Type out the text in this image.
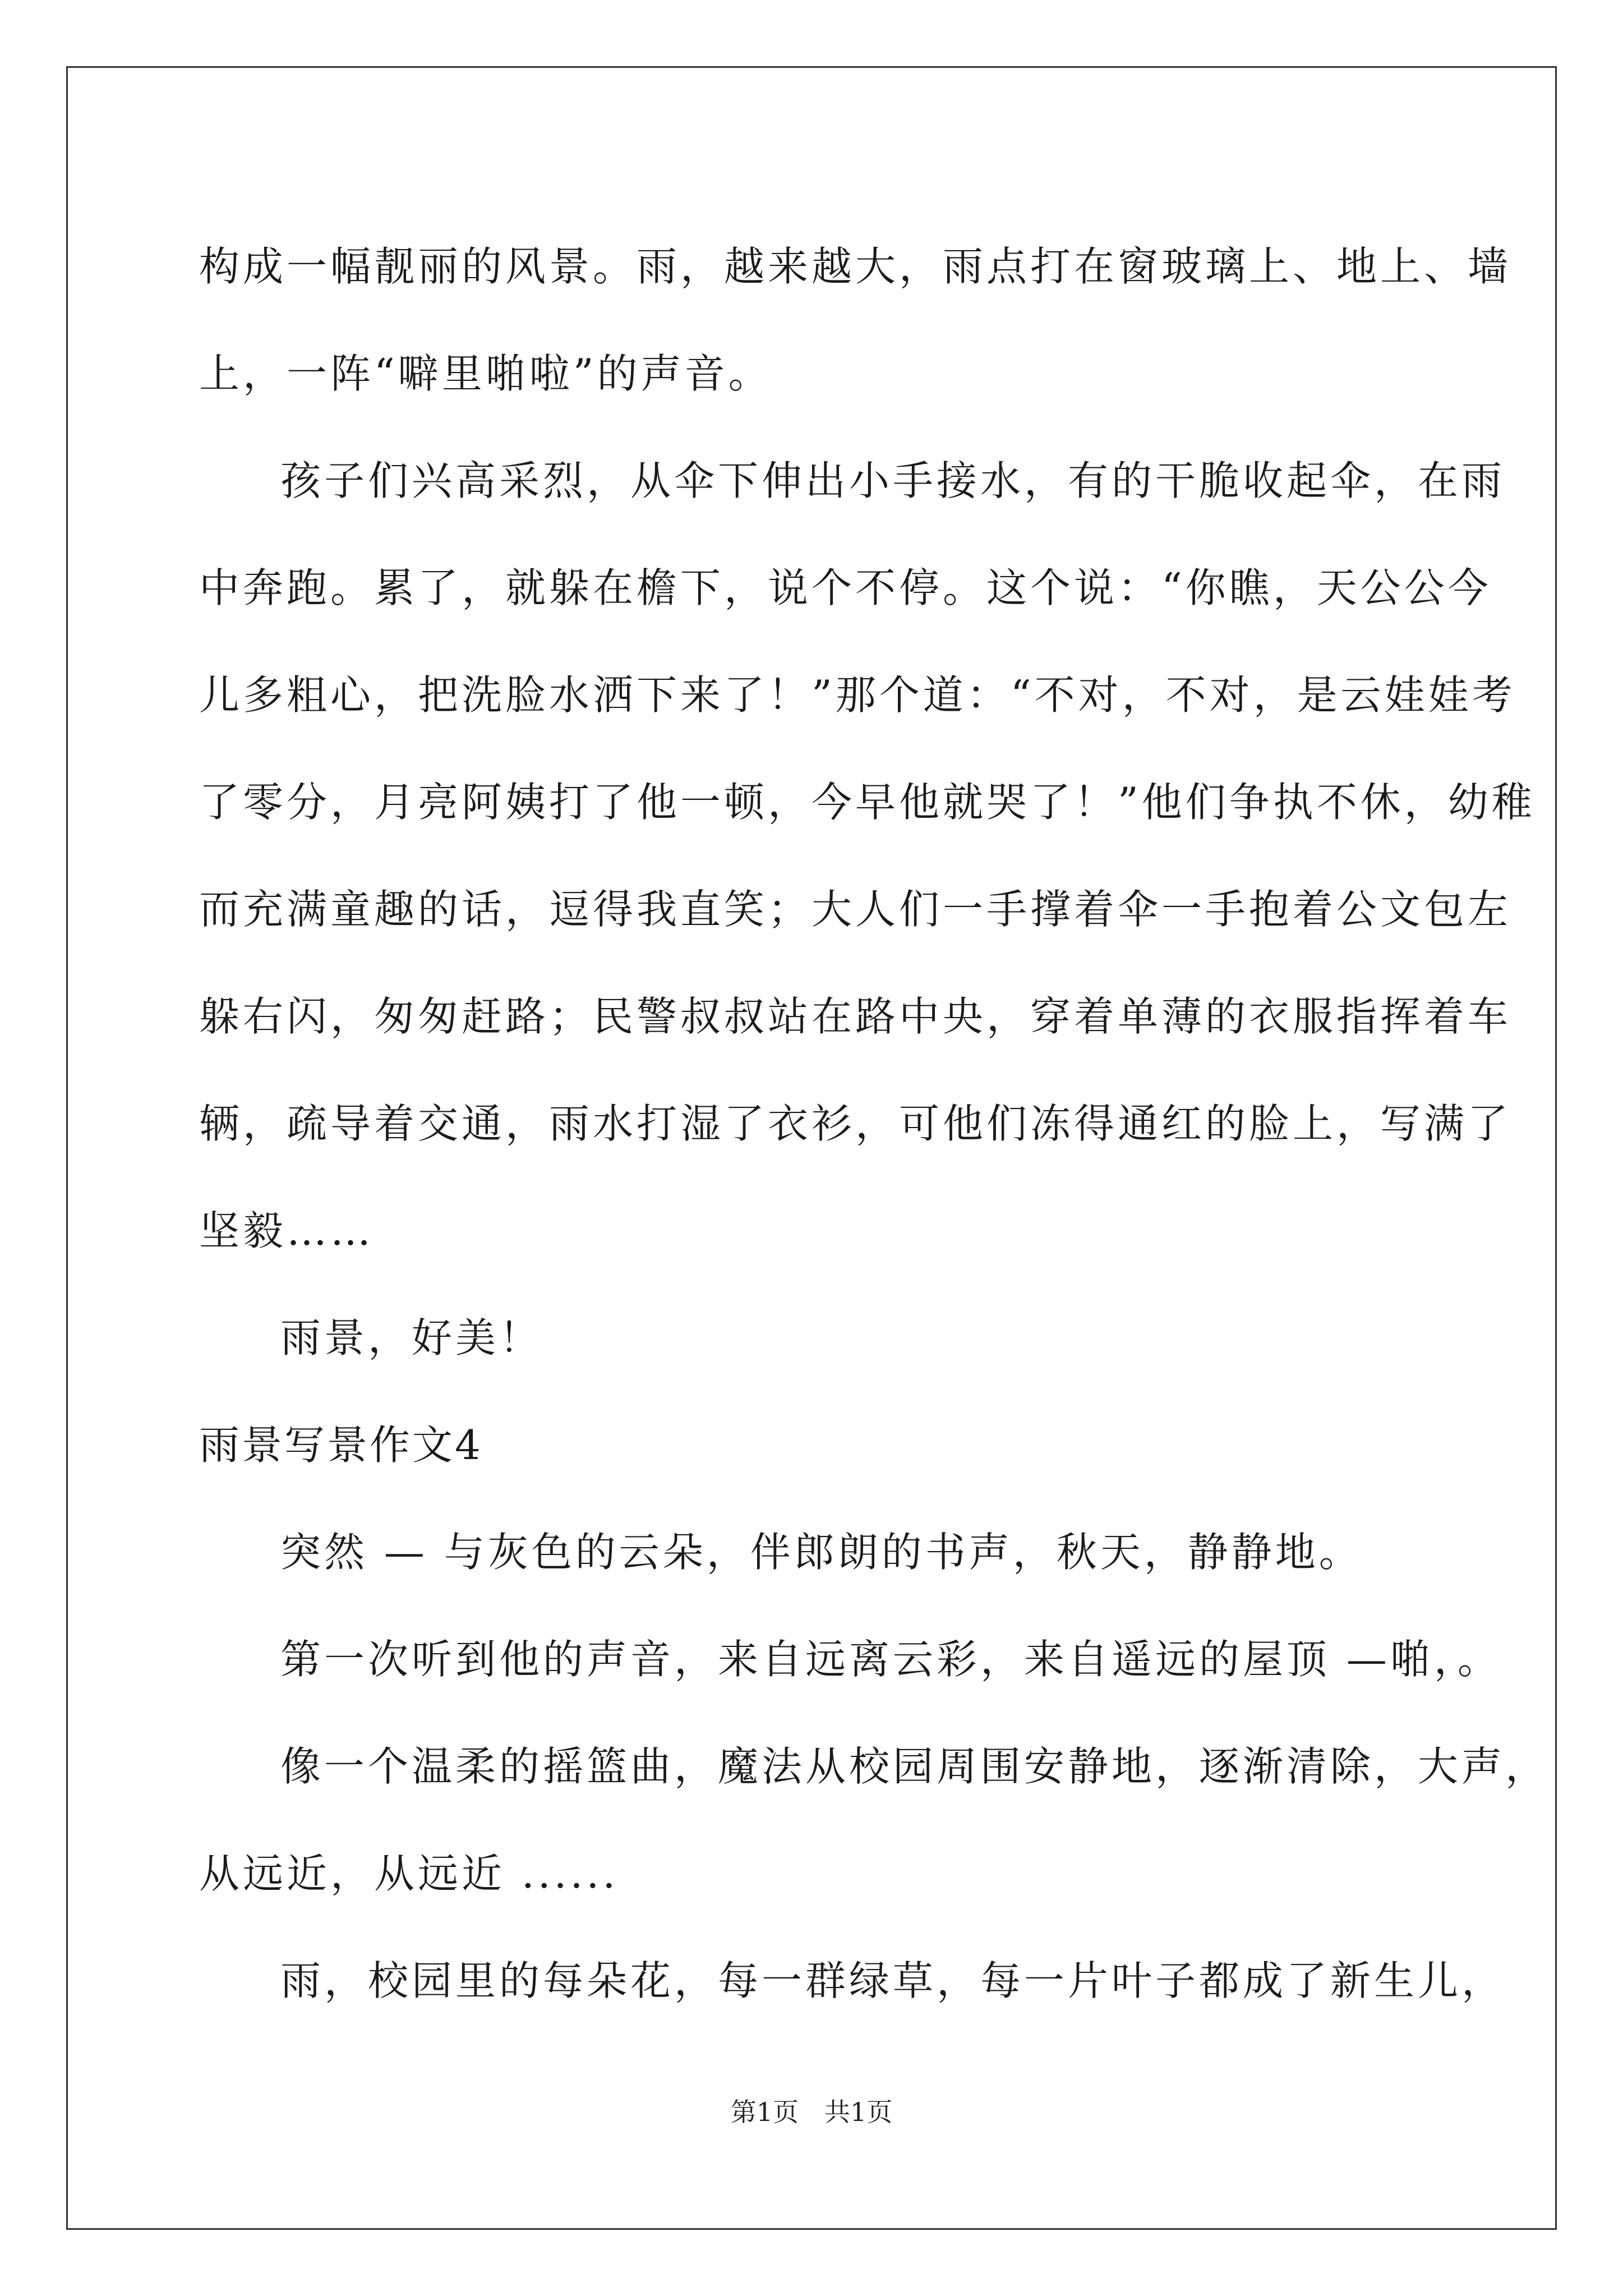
构成一幅靓丽的风景。雨，越来越大，雨点打在窗玻璃上、地上、墙
上，一阵“噼里啪啦”的声音。
孩子们兴高采烈，从伞下伸出小手接水，有的干脆收起伞，在雨
中奔跑。累了，就躲在檐下，说个不停。这个说：“你瞧，天公公今
儿多粗心，把洗脸水洒下来了！”那个道：“不对，不对，是云娃娃考
了零分，月亮阿姨打了他一顿，今早他就哭了！”他们争执不休，幼稚
而充满童趣的话，逗得我直笑；大人们一手撑着伞一手抱着公文包左
躲右闪，匆匆赶路；民警叔叔站在路中央，穿着单薄的衣服指挥着车
辆，疏导着交通，雨水打湿了衣衫，可他们冻得通红的脸上，写满了
坚毅……
雨景，好美！
雨景写景作文4
突然 — 与灰色的云朵，伴郎朗的书声，秋天，静静地。
第一次听到他的声音，来自远离云彩，来自遥远的屋顶 —啪，。
像一个温柔的摇篮曲，魔法从校园周围安静地，逐渐清除，大声，
从远近，从远近 ......
雨，校园里的每朵花，每一群绿草，每一片叶子都成了新生儿，
第1页　共1页
